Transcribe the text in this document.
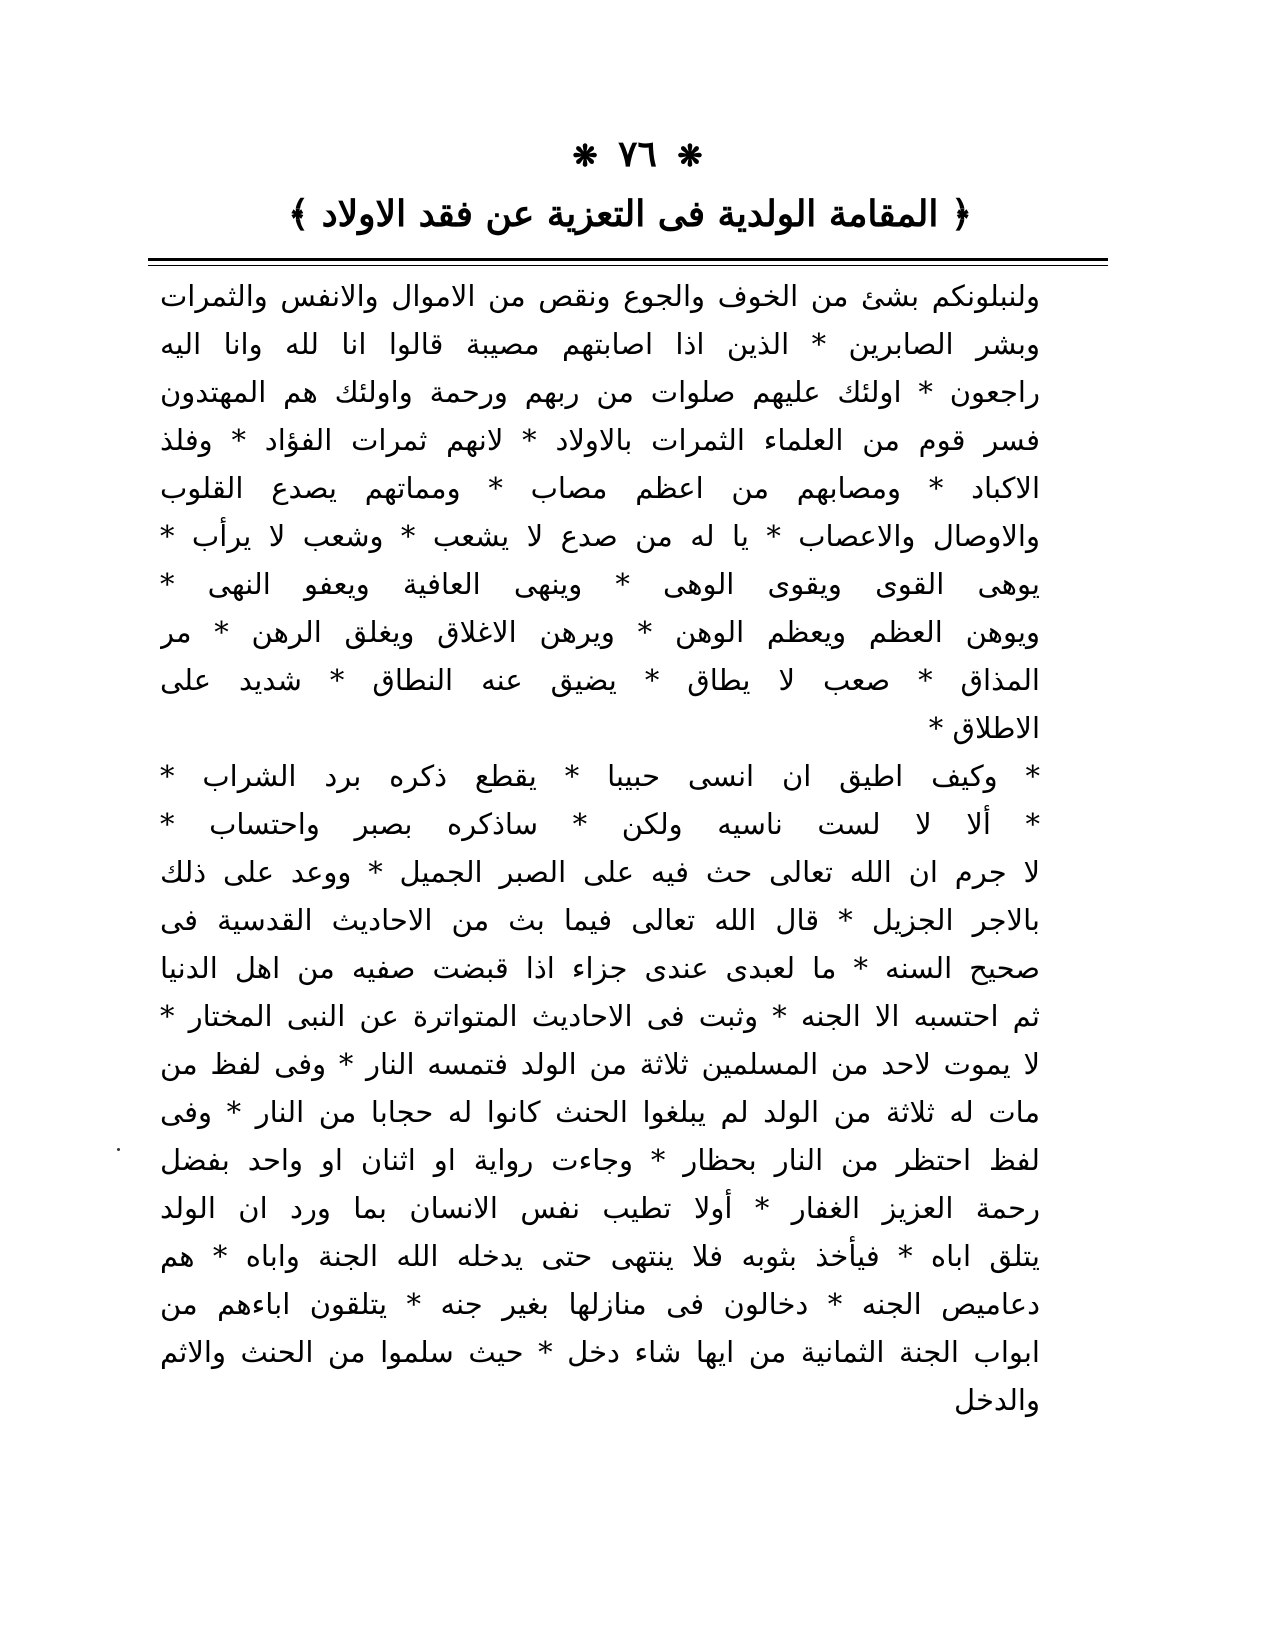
❋ ٧٦ ❋
﴿ المقامة الولدية فى التعزية عن فقد الاولاد ﴾
ولنبلونكم بشئ من الخوف والجوع ونقص من الاموال والانفس والثمرات
وبشر الصابرين * الذين اذا اصابتهم مصيبة قالوا انا لله وانا اليه
راجعون * اولئك عليهم صلوات من ربهم ورحمة واولئك هم المهتدون
فسر قوم من العلماء الثمرات بالاولاد * لانهم ثمرات الفؤاد * وفلذ
الاكباد * ومصابهم من اعظم مصاب * ومماتهم يصدع القلوب
والاوصال والاعصاب * يا له من صدع لا يشعب * وشعب لا يرأب *
يوهى القوى ويقوى الوهى * وينهى العافية ويعفو النهى *
ويوهن العظم ويعظم الوهن * ويرهن الاغلاق ويغلق الرهن * مر
المذاق * صعب لا يطاق * يضيق عنه النطاق * شديد على
الاطلاق *
* وكيف اطيق ان انسى حبيبا * يقطع ذكره برد الشراب *
* ألا لا لست ناسيه ولكن * ساذكره بصبر واحتساب *
لا جرم ان الله تعالى حث فيه على الصبر الجميل * ووعد على ذلك
بالاجر الجزيل * قال الله تعالى فيما بث من الاحاديث القدسية فى
صحيح السنه * ما لعبدى عندى جزاء اذا قبضت صفيه من اهل الدنيا
ثم احتسبه الا الجنه * وثبت فى الاحاديث المتواترة عن النبى المختار *
لا يموت لاحد من المسلمين ثلاثة من الولد فتمسه النار * وفى لفظ من
مات له ثلاثة من الولد لم يبلغوا الحنث كانوا له حجابا من النار * وفى
لفظ احتظر من النار بحظار * وجاءت رواية او اثنان او واحد بفضل
رحمة العزيز الغفار * أولا تطيب نفس الانسان بما ورد ان الولد
يتلق اباه * فيأخذ بثوبه فلا ينتهى حتى يدخله الله الجنة واباه * هم
دعاميص الجنه * دخالون فى منازلها بغير جنه * يتلقون اباءهم من
ابواب الجنة الثمانية من ايها شاء دخل * حيث سلموا من الحنث والاثم
والدخل
